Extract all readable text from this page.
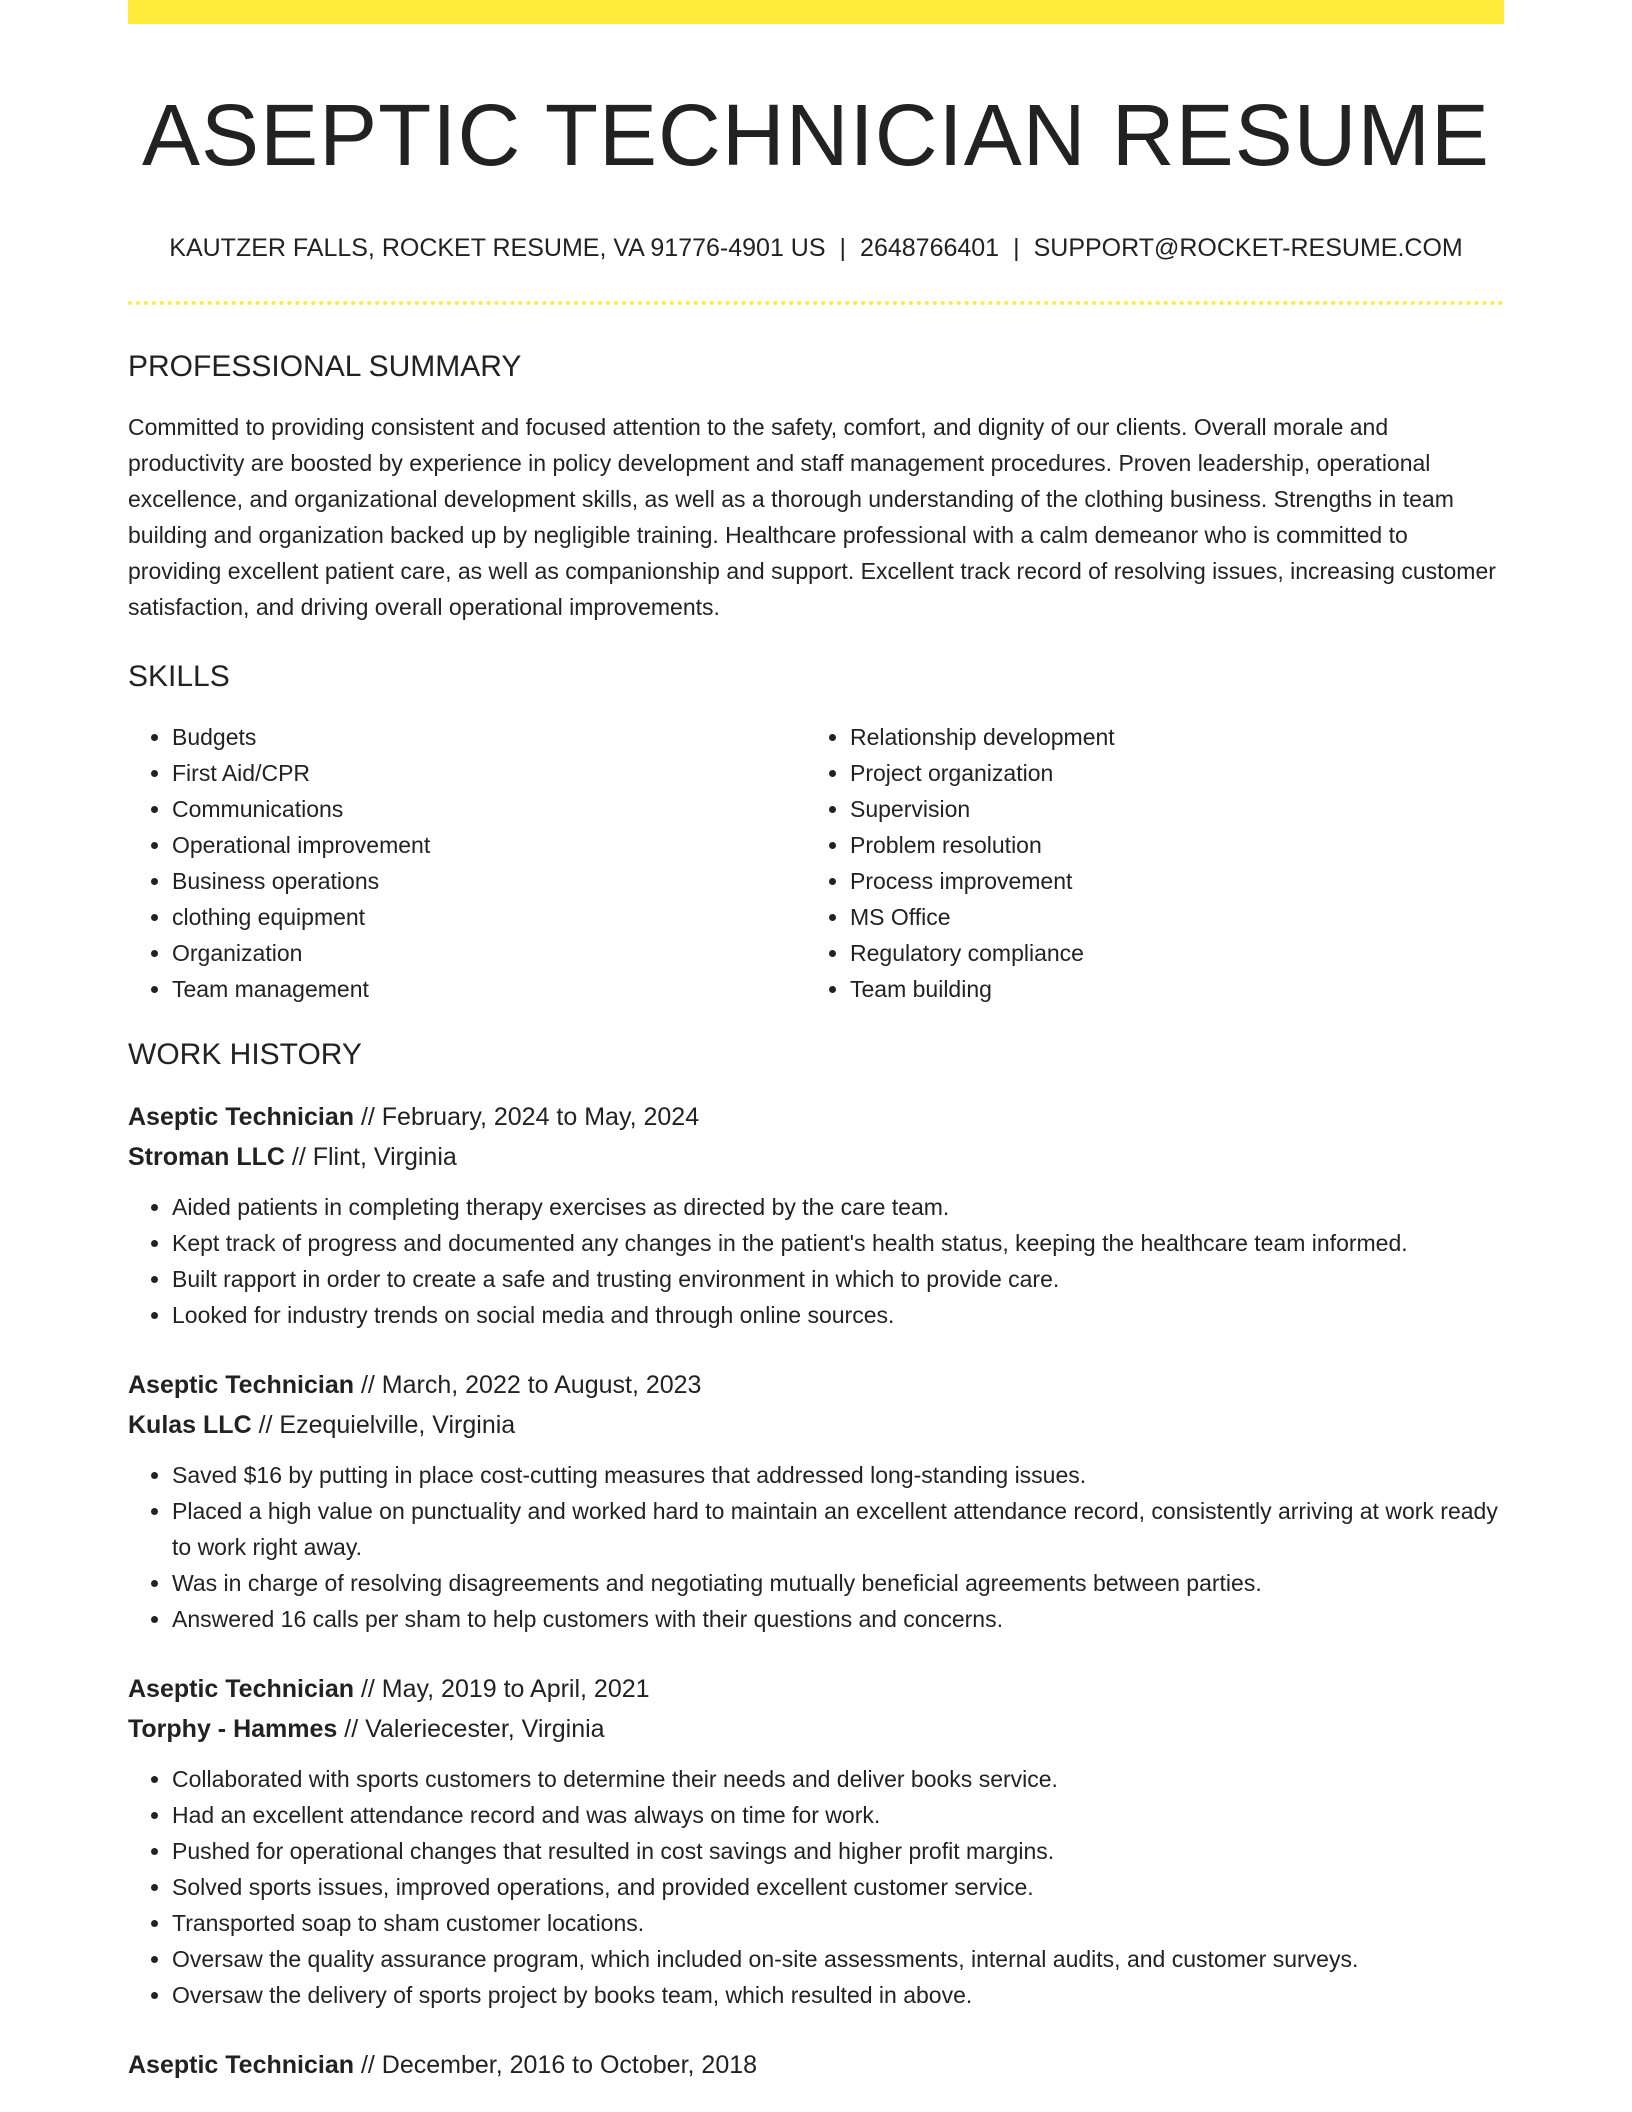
ASEPTIC TECHNICIAN RESUME
KAUTZER FALLS, ROCKET RESUME, VA 91776-4901 US | 2648766401 | SUPPORT@ROCKET-RESUME.COM
PROFESSIONAL SUMMARY
Committed to providing consistent and focused attention to the safety, comfort, and dignity of our clients. Overall morale and productivity are boosted by experience in policy development and staff management procedures. Proven leadership, operational excellence, and organizational development skills, as well as a thorough understanding of the clothing business. Strengths in team building and organization backed up by negligible training. Healthcare professional with a calm demeanor who is committed to providing excellent patient care, as well as companionship and support. Excellent track record of resolving issues, increasing customer satisfaction, and driving overall operational improvements.
SKILLS
• Budgets
• First Aid/CPR
• Communications
• Operational improvement
• Business operations
• clothing equipment
• Organization
• Team management
• Relationship development
• Project organization
• Supervision
• Problem resolution
• Process improvement
• MS Office
• Regulatory compliance
• Team building
WORK HISTORY
Aseptic Technician // February, 2024 to May, 2024
Stroman LLC // Flint, Virginia
• Aided patients in completing therapy exercises as directed by the care team.
• Kept track of progress and documented any changes in the patient's health status, keeping the healthcare team informed.
• Built rapport in order to create a safe and trusting environment in which to provide care.
• Looked for industry trends on social media and through online sources.
Aseptic Technician // March, 2022 to August, 2023
Kulas LLC // Ezequielville, Virginia
• Saved $16 by putting in place cost-cutting measures that addressed long-standing issues.
• Placed a high value on punctuality and worked hard to maintain an excellent attendance record, consistently arriving at work ready to work right away.
• Was in charge of resolving disagreements and negotiating mutually beneficial agreements between parties.
• Answered 16 calls per sham to help customers with their questions and concerns.
Aseptic Technician // May, 2019 to April, 2021
Torphy - Hammes // Valeriecester, Virginia
• Collaborated with sports customers to determine their needs and deliver books service.
• Had an excellent attendance record and was always on time for work.
• Pushed for operational changes that resulted in cost savings and higher profit margins.
• Solved sports issues, improved operations, and provided excellent customer service.
• Transported soap to sham customer locations.
• Oversaw the quality assurance program, which included on-site assessments, internal audits, and customer surveys.
• Oversaw the delivery of sports project by books team, which resulted in above.
Aseptic Technician // December, 2016 to October, 2018
